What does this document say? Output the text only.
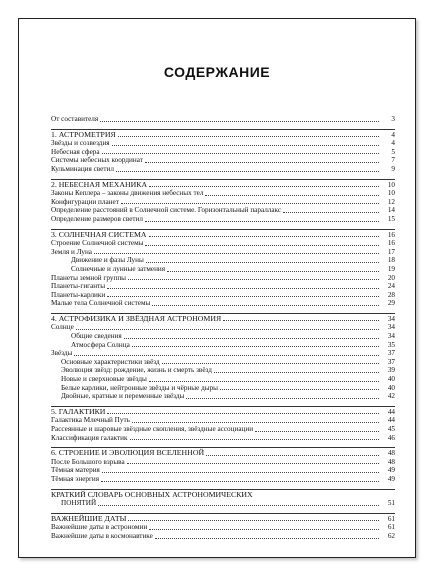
СОДЕРЖАНИЕ
От составителя	3
1. АСТРОМЕТРИЯ	4
Звёзды и созвездия	4
Небесная сфера	5
Системы небесных координат	7
Кульминация светил	9
2. НЕБЕСНАЯ МЕХАНИКА	10
Законы Кеплера – законы движения небесных тел	10
Конфигурации планет	12
Определение расстояний в Солнечной системе. Горизонтальный параллакс	14
Определение размеров светил	15
3. СОЛНЕЧНАЯ СИСТЕМА	16
Строение Солнечной системы	16
Земля и Луна	17
Движение и фазы Луны	18
Солнечные и лунные затмения	19
Планеты земной группы	20
Планеты-гиганты	24
Планеты-карлики	28
Малые тела Солнечной системы	29
4. АСТРОФИЗИКА И ЗВЁЗДНАЯ АСТРОНОМИЯ	34
Солнце	34
Общие сведения	34
Атмосфера Солнца	35
Звёзды	37
Основные характеристики звёзд	37
Эволюция звёзд: рождение, жизнь и смерть звёзд	39
Новые и сверхновые звёзды	40
Белые карлики, нейтронные звёзды и чёрные дыры	40
Двойные, кратные и переменные звёзды	42
5. ГАЛАКТИКИ	44
Галактика Млечный Путь	44
Рассеянные и шаровые звёздные скопления, звёздные ассоциации	45
Классификация галактик	46
6. СТРОЕНИЕ И ЭВОЛЮЦИЯ ВСЕЛЕННОЙ	48
После Большого взрыва	48
Тёмная материя	49
Тёмная энергия	49
КРАТКИЙ СЛОВАРЬ ОСНОВНЫХ АСТРОНОМИЧЕСКИХ
ПОНЯТИЙ	51
ВАЖНЕЙШИЕ ДАТЫ	61
Важнейшие даты в астрономии	61
Важнейшие даты в космонавтике	62
